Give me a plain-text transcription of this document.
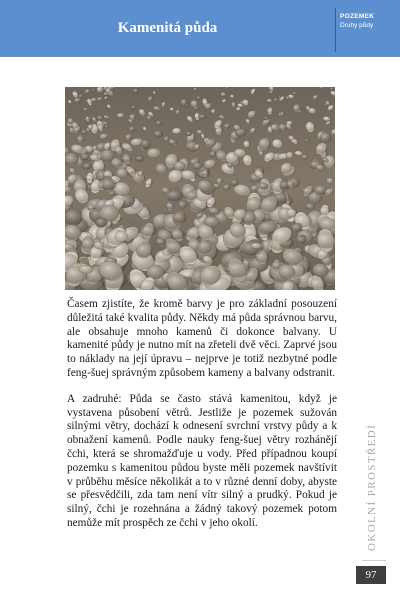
Kamenitá půda
POZEMEK
Druhy půdy

Časem zjistíte, že kromě barvy je pro základní posouzení důležitá také kvalita půdy. Někdy má půda správnou barvu, ale obsahuje mnoho kamenů či dokonce balvany. U kamenité půdy je nutno mít na zřeteli dvě věci. Zaprvé jsou to náklady na její úpravu – nejprve je totiž nezbytné podle feng-šuej správným způsobem kameny a balvany odstranit.

A zadruhé: Půda se často stává kamenitou, když je vystavena působení větrů. Jestliže je pozemek sužován silnými větry, dochází k odnesení svrchní vrstvy půdy a k obnažení kamenů. Podle nauky feng-šuej větry rozhánějí čchi, která se shromažďuje u vody. Před případnou koupí pozemku s kamenitou půdou byste měli pozemek navštívit v průběhu měsíce několikát a to v různé denní doby, abyste se přesvědčili, zda tam není vítr silný a prudký. Pokud je silný, čchi je rozehnána a žádný takový pozemek potom nemůže mít prospěch ze čchi v jeho okolí.	OKOLNÍ PROSTŘEDÍ
97
